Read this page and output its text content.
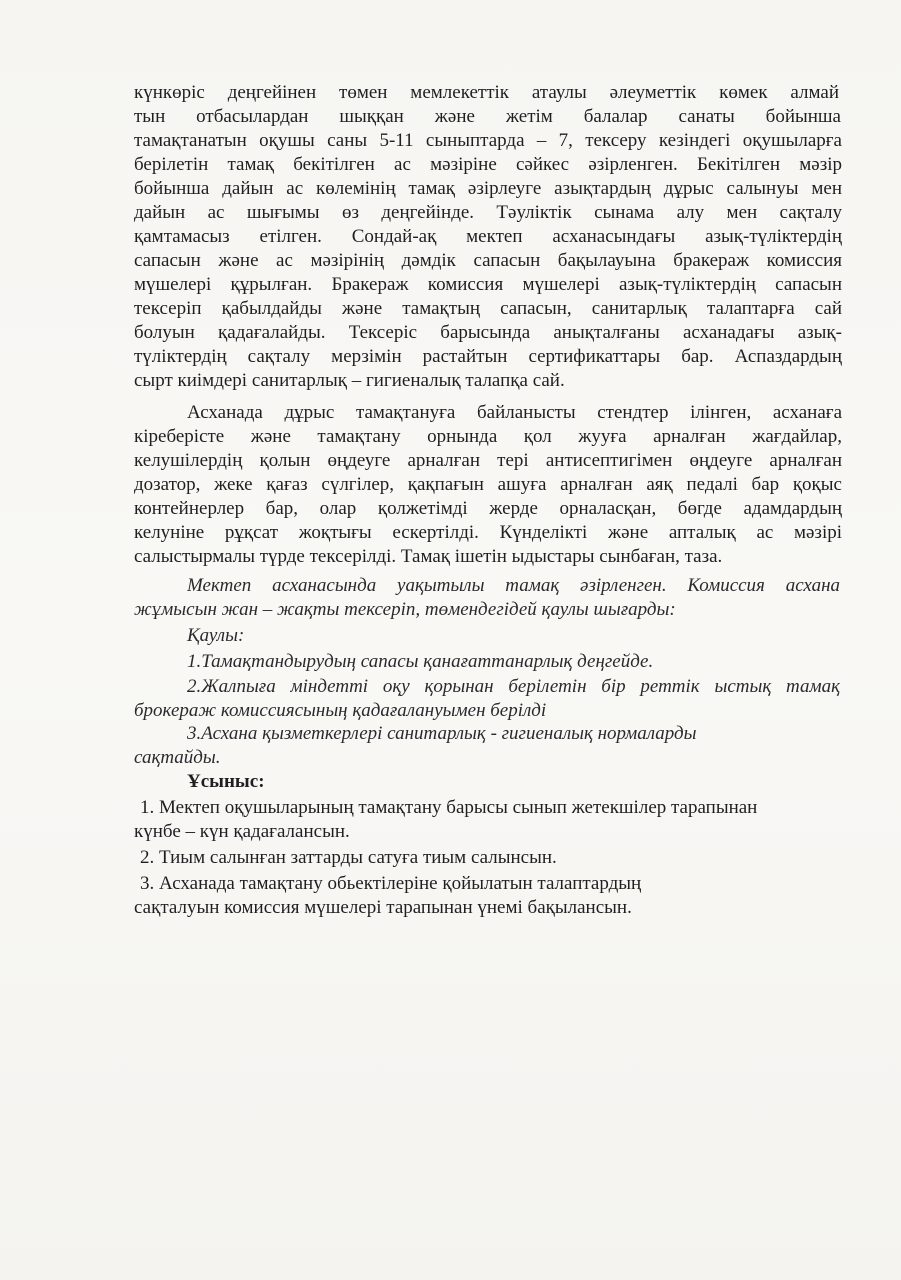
күнкөріс деңгейінен төмен мемлекеттік атаулы әлеуметтік көмек алмай
тын отбасылардан шыққан және жетім балалар санаты бойынша
тамақтанатын оқушы саны 5-11 сыныптарда – 7, тексеру кезіндегі оқушыларға
берілетін тамақ бекітілген ас мәзіріне сәйкес әзірленген. Бекітілген мәзір
бойынша дайын ас көлемінің тамақ әзірлеуге азықтардың дұрыс салынуы мен
дайын ас шығымы өз деңгейінде. Тәуліктік сынама алу мен сақталу
қамтамасыз етілген. Сондай-ақ мектеп асханасындағы азық-түліктердің
сапасын және ас мәзірінің дәмдік сапасын бақылауына бракераж комиссия
мүшелері құрылған. Бракераж комиссия мүшелері азық-түліктердің сапасын
тексеріп қабылдайды және тамақтың сапасын, санитарлық талаптарға сай
болуын қадағалайды. Тексеріс барысында анықталғаны асханадағы азық-
түліктердің сақталу мерзімін растайтын сертификаттары бар. Аспаздардың
сырт киімдері санитарлық – гигиеналық талапқа сай.
Асханада дұрыс тамақтануға байланысты стендтер ілінген, асханаға
кіреберісте және тамақтану орнында қол жууға арналған жағдайлар,
келушілердің қолын өңдеуге арналған тері антисептигімен өңдеуге арналған
дозатор, жеке қағаз сүлгілер, қақпағын ашуға арналған аяқ педалі бар қоқыс
контейнерлер бар, олар қолжетімді жерде орналасқан, бөгде адамдардың
келуніне рұқсат жоқтығы ескертілді. Күнделікті және апталық ас мәзірі
салыстырмалы түрде тексерілді. Тамақ ішетін ыдыстары сынбаған, таза.
Мектеп асханасында уақытылы тамақ әзірленген. Комиссия асхана
жұмысын жан – жақты тексеріп, төмендегідей қаулы шығарды:
Қаулы:
1.Тамақтандырудың сапасы қанағаттанарлық деңгейде.
2.Жалпыға міндетті оқу қорынан берілетін бір реттік ыстық тамақ
брокераж комиссиясының қадағалануымен берілді
3.Асхана қызметкерлері санитарлық - гигиеналық нормаларды
сақтайды.
Ұсыныс:
1. Мектеп оқушыларының тамақтану барысы сынып жетекшілер тарапынан
күнбе – күн қадағалансын.
2. Тиым салынған заттарды сатуға тиым салынсын.
3. Асханада тамақтану обьектілеріне қойылатын талаптардың
сақталуын комиссия мүшелері тарапынан үнемі бақылансын.
